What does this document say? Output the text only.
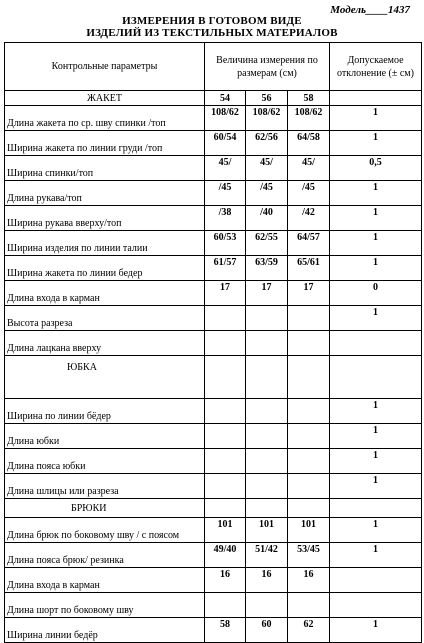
Модель____1437
ИЗМЕРЕНИЯ В ГОТОВОМ ВИДЕ
ИЗДЕЛИЙ ИЗ ТЕКСТИЛЬНЫХ МАТЕРИАЛОВ
Контрольные параметры	Величина измерения по размерам (см)			Допускаемое отклонение (± см)
ЖАКЕТ	54	56	58	
Длина жакета по ср. шву спинки /топ	108/62	108/62	108/62	1
Ширина жакета по линии груди /топ	60/54	62/56	64/58	1
Ширина спинки/топ	45/	45/	45/	0,5
Длина рукава/топ	/45	/45	/45	1
Ширина рукава вверху/топ	/38	/40	/42	1
Ширина изделия по линии талии	60/53	62/55	64/57	1
Ширина жакета по линии бедер	61/57	63/59	65/61	1
Длина входа в карман	17	17	17	0
Высота разреза				1
Длина лацкана вверху				
ЮБКА				
Ширина по линии бёдер				1
Длина юбки				1
Длина пояса юбки				1
Длина шлицы или разреза				1
БРЮКИ				
Длина брюк по боковому шву / с поясом	101	101	101	1
Длина пояса брюк/ резинка	49/40	51/42	53/45	1
Длина входа в карман	16	16	16	
Длина шорт по боковому шву				
Ширина линии бедёр	58	60	62	1
